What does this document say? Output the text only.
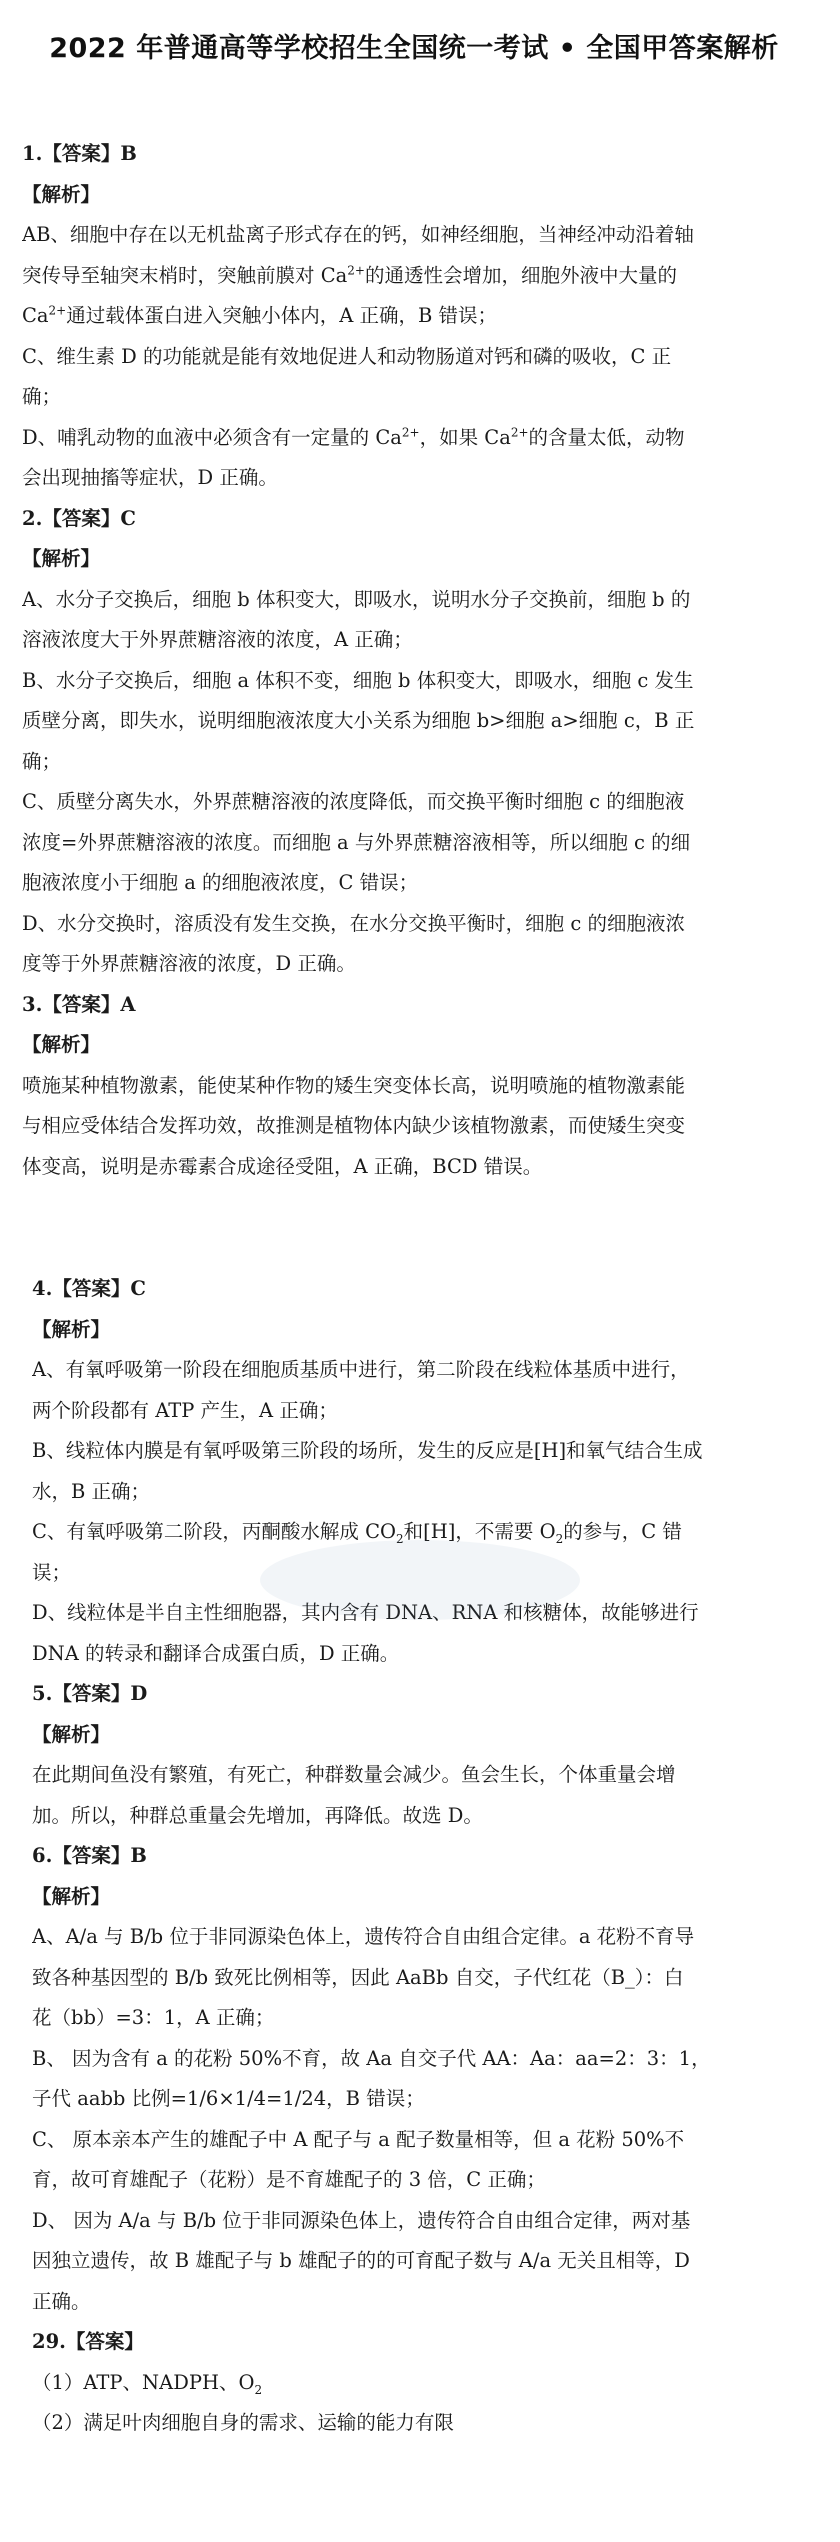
2022 年普通高等学校招生全国统一考试 • 全国甲答案解析
1.【答案】B
【解析】
AB、细胞中存在以无机盐离子形式存在的钙，如神经细胞，当神经冲动沿着轴
突传导至轴突末梢时，突触前膜对 $Ca^{2+}$的通透性会增加，细胞外液中大量的
$Ca^{2+}$通过载体蛋白进入突触小体内，A 正确，B 错误；
C、维生素 D 的功能就是能有效地促进人和动物肠道对钙和磷的吸收，C 正
确；
D、哺乳动物的血液中必须含有一定量的 $Ca^{2+}$，如果 $Ca^{2+}$的含量太低，动物
会出现抽搐等症状，D 正确。
2.【答案】C
【解析】
A、水分子交换后，细胞 b 体积变大，即吸水，说明水分子交换前，细胞 b 的
溶液浓度大于外界蔗糖溶液的浓度，A 正确；
B、水分子交换后，细胞 a 体积不变，细胞 b 体积变大，即吸水，细胞 c 发生
质壁分离，即失水，说明细胞液浓度大小关系为细胞 b>细胞 a>细胞 c，B 正
确；
C、质壁分离失水，外界蔗糖溶液的浓度降低，而交换平衡时细胞 c 的细胞液
浓度=外界蔗糖溶液的浓度。而细胞 a 与外界蔗糖溶液相等，所以细胞 c 的细
胞液浓度小于细胞 a 的细胞液浓度，C 错误；
D、水分交换时，溶质没有发生交换，在水分交换平衡时，细胞 c 的细胞液浓
度等于外界蔗糖溶液的浓度，D 正确。
3.【答案】A
【解析】
喷施某种植物激素，能使某种作物的矮生突变体长高，说明喷施的植物激素能
与相应受体结合发挥功效，故推测是植物体内缺少该植物激素，而使矮生突变
体变高，说明是赤霉素合成途径受阻，A 正确，BCD 错误。
4.【答案】C
【解析】
A、有氧呼吸第一阶段在细胞质基质中进行，第二阶段在线粒体基质中进行，
两个阶段都有 ATP 产生，A 正确；
B、线粒体内膜是有氧呼吸第三阶段的场所，发生的反应是[H]和氧气结合生成
水，B 正确；
C、有氧呼吸第二阶段，丙酮酸水解成 $CO_2$和[H]，不需要 $O_2$的参与，C 错
误；
D、线粒体是半自主性细胞器，其内含有 DNA、RNA 和核糖体，故能够进行
DNA 的转录和翻译合成蛋白质，D 正确。
5.【答案】D
【解析】
在此期间鱼没有繁殖，有死亡，种群数量会减少。鱼会生长，个体重量会增
加。所以，种群总重量会先增加，再降低。故选 D。
6.【答案】B
【解析】
A、A/a 与 B/b 位于非同源染色体上，遗传符合自由组合定律。a 花粉不育导
致各种基因型的 B/b 致死比例相等，因此 AaBb 自交，子代红花（B_）：白
花（bb）=3：1，A 正确；
B、 因为含有 a 的花粉 50%不育，故 Aa 自交子代 AA：Aa：aa=2：3：1，
子代 aabb 比例=1/6×1/4=1/24，B 错误；
C、 原本亲本产生的雄配子中 A 配子与 a 配子数量相等，但 a 花粉 50%不
育，故可育雄配子（花粉）是不育雄配子的 3 倍，C 正确；
D、 因为 A/a 与 B/b 位于非同源染色体上，遗传符合自由组合定律，两对基
因独立遗传，故 B 雄配子与 b 雄配子的的可育配子数与 A/a 无关且相等，D
正确。
29.【答案】
（1）ATP、NADPH、$O_2$
（2）满足叶肉细胞自身的需求、运输的能力有限
